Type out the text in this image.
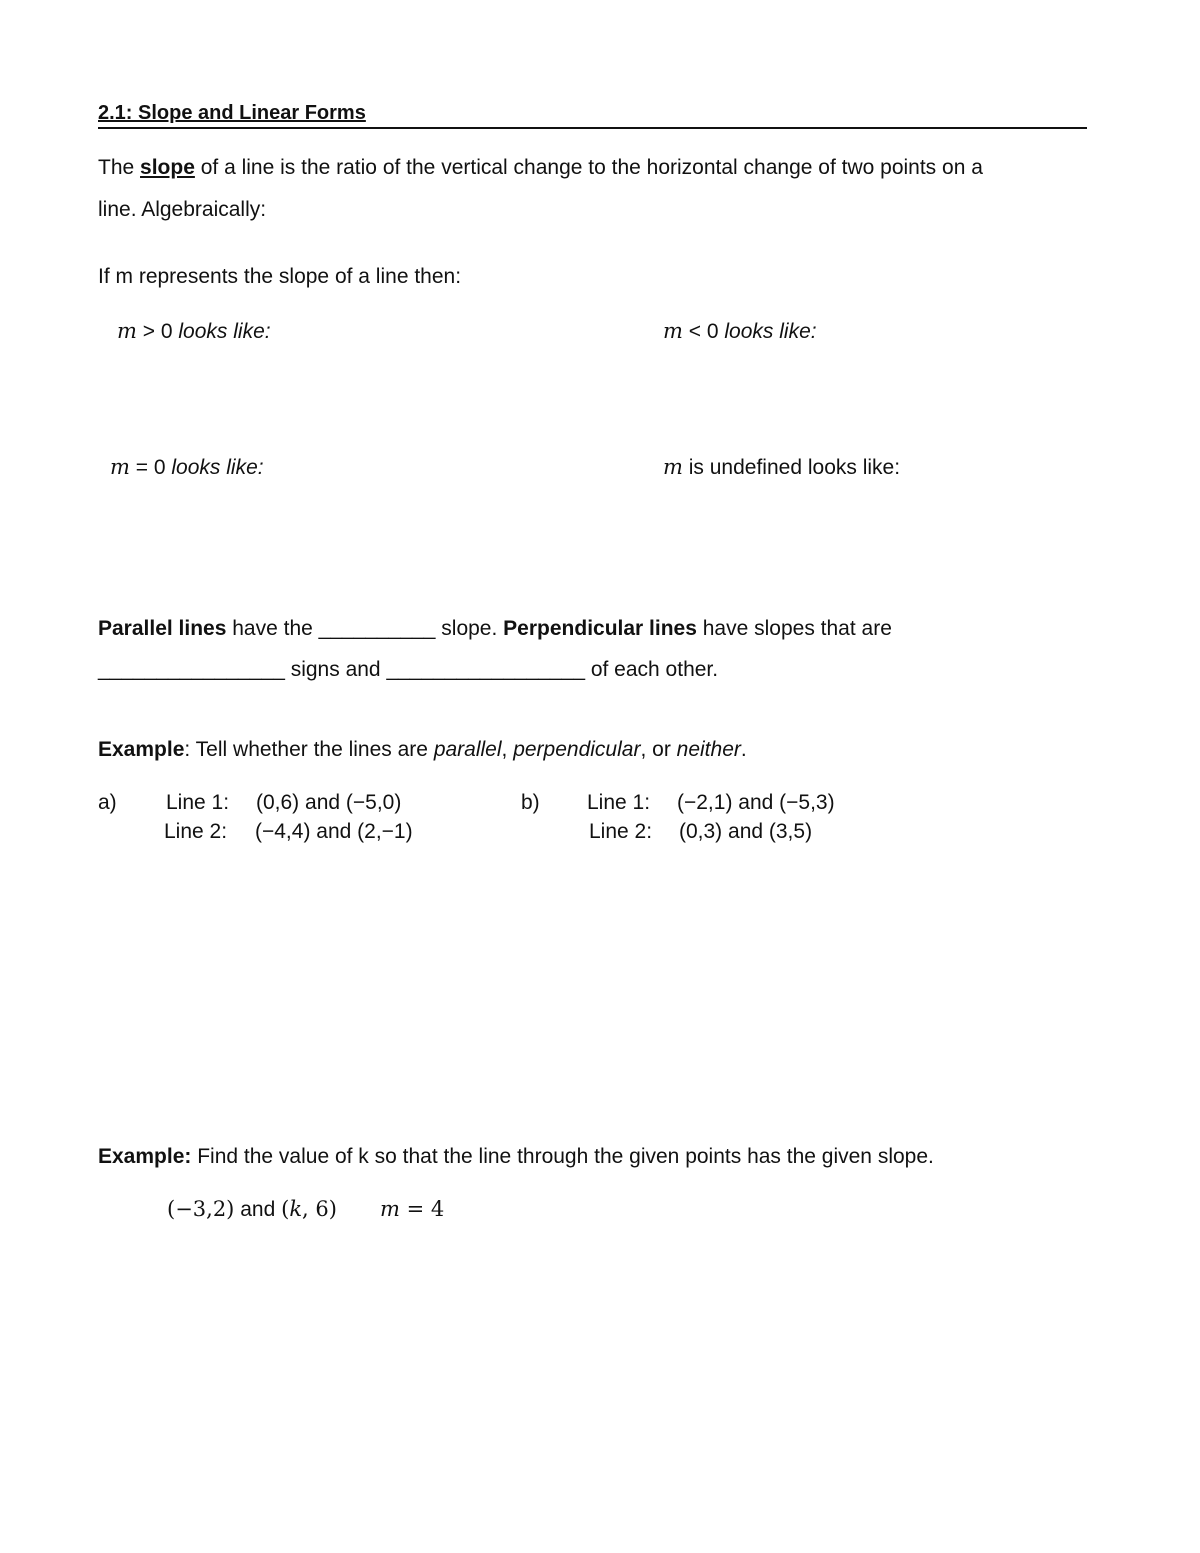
2.1: Slope and Linear Forms
The slope of a line is the ratio of the vertical change to the horizontal change of two points on a
line. Algebraically:
If m represents the slope of a line then:
m > 0 looks like:	m < 0 looks like:
m = 0 looks like:	m is undefined looks like:
Parallel lines have the __________ slope. Perpendicular lines have slopes that are
________________ signs and _________________ of each other.
Example: Tell whether the lines are parallel, perpendicular, or neither.
a) Line 1: (0,6) and (−5,0)
Line 2: (−4,4) and (2,−1)
b) Line 1: (−2,1) and (−5,3)
Line 2: (0,3) and (3,5)
Example: Find the value of k so that the line through the given points has the given slope.
(−3,2) and (k, 6) m = 4
